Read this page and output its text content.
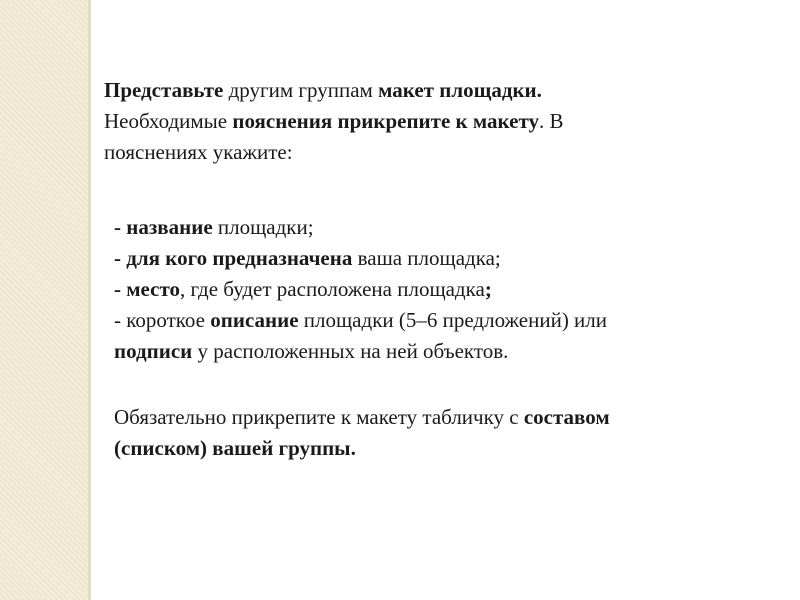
Представьте другим группам макет площадки.
Необходимые пояснения прикрепите к макету. В
пояснениях укажите:
- название площадки;
- для кого предназначена ваша площадка;
- место, где будет расположена площадка;
- короткое описание площадки (5–6 предложений) или
подписи у расположенных на ней объектов.
Обязательно прикрепите к макету табличку с составом
(списком) вашей группы.
